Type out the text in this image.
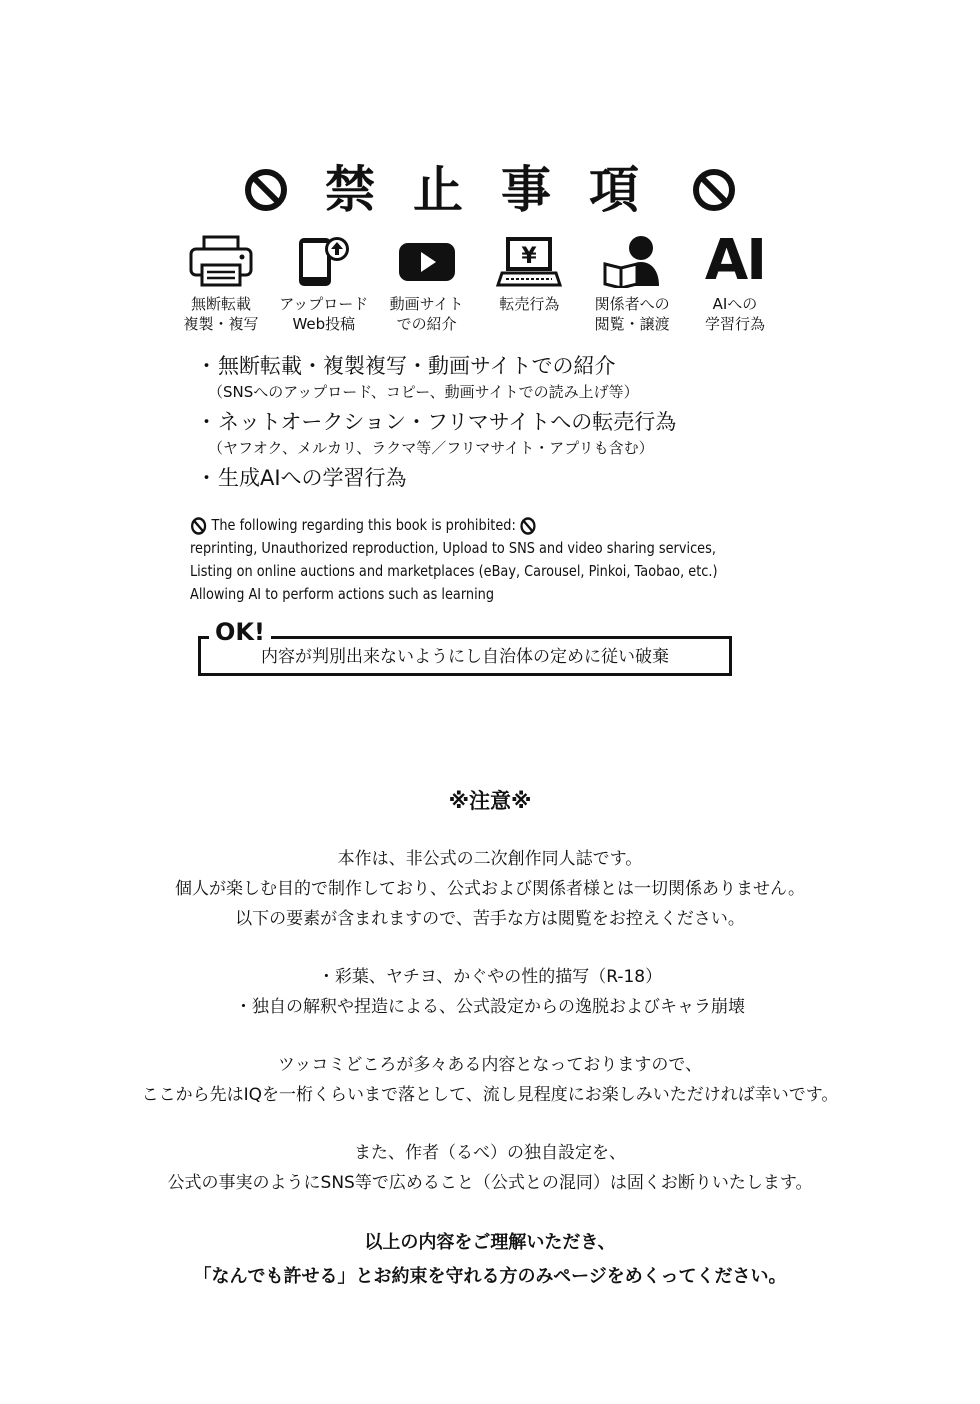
禁止事項
無断転載
複製・複写
アップロード
Web投稿
動画サイト
での紹介
¥
転売行為 関係者への
閲覧・譲渡
AI
AIへの
学習行為
・無断転載・複製複写・動画サイトでの紹介
（SNSへのアップロード、コピー、動画サイトでの読み上げ等）
・ネットオークション・フリマサイトへの転売行為
（ヤフオク、メルカリ、ラクマ等／フリマサイト・アプリも含む）
・生成AIへの学習行為
The following regarding this book is prohibited:
reprinting, Unauthorized reproduction, Upload to SNS and video sharing services,
Listing on online auctions and marketplaces (eBay, Carousel, Pinkoi, Taobao, etc.)
Allowing AI to perform actions such as learning
OK!
内容が判別出来ないようにし自治体の定めに従い破棄
※注意※
本作は、非公式の二次創作同人誌です。
個人が楽しむ目的で制作しており、公式および関係者様とは一切関係ありません。
以下の要素が含まれますので、苦手な方は閲覧をお控えください。
・彩葉、ヤチヨ、かぐやの性的描写（R-18）
・独自の解釈や捏造による、公式設定からの逸脱およびキャラ崩壊
ツッコミどころが多々ある内容となっておりますので、
ここから先はIQを一桁くらいまで落として、流し見程度にお楽しみいただければ幸いです。
また、作者（るべ）の独自設定を、
公式の事実のようにSNS等で広めること（公式との混同）は固くお断りいたします。
以上の内容をご理解いただき、
「なんでも許せる」とお約束を守れる方のみページをめくってください。
